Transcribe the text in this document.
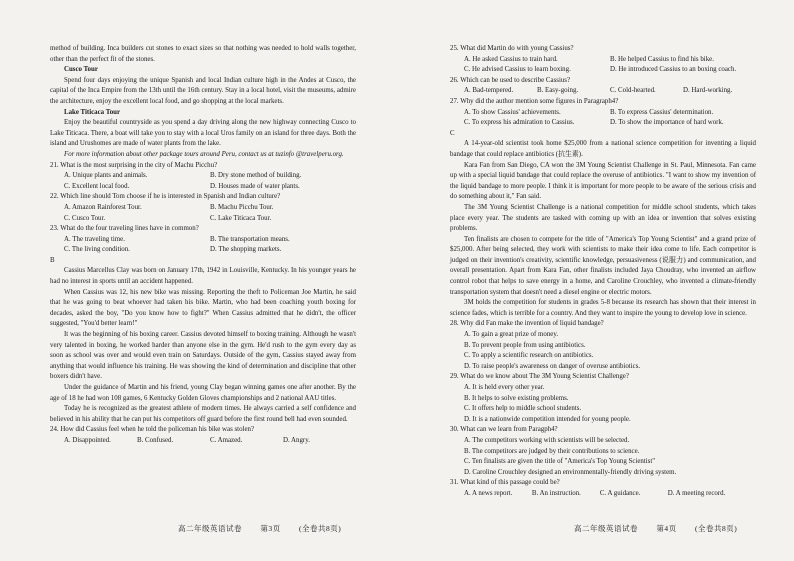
method of building. Inca builders cut stones to exact sizes so that nothing was needed to hold walls together, other than the perfect fit of the stones.

Cusco Tour

Spend four days enjoying the unique Spanish and local Indian culture high in the Andes at Cusco, the capital of the Inca Empire from the 13th until the 16th century. Stay in a local hotel, visit the museums, admire the architecture, enjoy the excellent local food, and go shopping at the local markets.

Lake Titicaca Tour

Enjoy the beautiful countryside as you spend a day driving along the new highway connecting Cusco to Lake Titicaca. There, a boat will take you to stay with a local Uros family on an island for three days. Both the island and Urushomes are made of water plants from the lake.

For more information about other package tours around Peru, contact us at tuzinfo @travelperu.org.

21. What is the most surprising in the city of Machu Picchu?

A. Unique plants and animals.	B. Dry stone method of building.
C. Excellent local food.	D. Houses made of water plants.

22. Which line should Tom choose if he is interested in Spanish and Indian culture?

A. Amazon Rainforest Tour.	B. Machu Picchu Tour.
C. Cusco Tour.	C. Lake Titicaca Tour.

23. What do the four traveling lines have in common?

A. The traveling time.	B. The transportation means.
C. The living condition.	D. The shopping markets.

B

Cassius Marcellus Clay was born on January 17th, 1942 in Louisville, Kentucky. In his younger years he had no interest in sports until an accident happened.

When Cassius was 12, his new bike was missing. Reporting the theft to Policeman Joe Martin, he said that he was going to beat whoever had taken his bike. Martin, who had been coaching youth boxing for decades, asked the boy, "Do you know how to fight?" When Cassius admitted that he didn't, the officer suggested, "You'd better learn!"

It was the beginning of his boxing career. Cassius devoted himself to boxing training. Although he wasn't very talented in boxing, he worked harder than anyone else in the gym. He'd rush to the gym every day as soon as school was over and would even train on Saturdays. Outside of the gym, Cassius stayed away from anything that would influence his training. He was showing the kind of determination and discipline that other boxers didn't have.

Under the guidance of Martin and his friend, young Clay began winning games one after another. By the age of 18 he had won 108 games, 6 Kentucky Golden Gloves championships and 2 national AAU titles.

Today he is recognized as the greatest athlete of modern times. He always carried a self confidence and believed in his ability that he can put his competitors off guard before the first round bell had even sounded.

24. How did Cassius feel when he told the policeman his bike was stolen?

A. Disappointed.	B. Confused.	C. Amazed.	D. Angry.
高二年级英语试卷 第3页 (全卷共8页)

25. What did Martin do with young Cassius?

A. He asked Cassius to train hard.	B. He helped Cassius to find his bike.
C. He advised Cassius to learn boxing.	D. He introduced Cassius to an boxing coach.

26. Which can be used to describe Cassius?

A. Bad-tempered.	B. Easy-going.	C. Cold-hearted.	D. Hard-working.

27. Why did the author mention some figures in Paragraph4?

A. To show Cassius' achievements.	B. To express Cassius' determination.
C. To express his admiration to Cassius.	D. To show the importance of hard work.

C

A 14-year-old scientist took home $25,000 from a national science competition for inventing a liquid bandage that could replace antibiotics (抗生素).

Kara Fan from San Diego, CA won the 3M Young Scientist Challenge in St. Paul, Minnesota. Fan came up with a special liquid bandage that could replace the overuse of antibiotics. "I want to show my invention of the liquid bandage to more people. I think it is important for more people to be aware of the serious crisis and do something about it," Fan said.

The 3M Young Scientist Challenge is a national competition for middle school students, which takes place every year. The students are tasked with coming up with an idea or invention that solves existing problems.

Ten finalists are chosen to compete for the title of "America's Top Young Scientist" and a grand prize of $25,000. After being selected, they work with scientists to make their idea come to life. Each competitor is judged on their invention's creativity, scientific knowledge, persuasiveness (说服力) and communication, and overall presentation. Apart from Kara Fan, other finalists included Jaya Choudray, who invented an airflow control robot that helps to save energy in a home, and Caroline Crouchley, who invented a climate-friendly transportation system that doesn't need a diesel engine or electric motors.

3M holds the competition for students in grades 5-8 because its research has shown that their interest in science fades, which is terrible for a country. And they want to inspire the young to develop love in science.

28. Why did Fan make the invention of liquid bandage?

A. To gain a great prize of money.
B. To prevent people from using antibiotics.
C. To apply a scientific research on antibiotics.
D. To raise people's awareness on danger of overuse antibiotics.

29. What do we know about The 3M Young Scientist Challenge?

A. It is held every other year.
B. It helps to solve existing problems.
C. It offers help to middle school students.
D. It is a nationwide competition intended for young people.

30. What can we learn from Paragph4?

A. The competitors working with scientists will be selected.
B. The competitors are judged by their contributions to science.
C. Ten finalists are given the title of "America's Top Young Scientist"
D. Caroline Crouchley designed an environmentally-friendly driving system.

31. What kind of this passage could be?

A. A news report.	B. An instruction.	C. A guidance.	D. A meeting record.
高二年级英语试卷 第4页 (全卷共8页)
